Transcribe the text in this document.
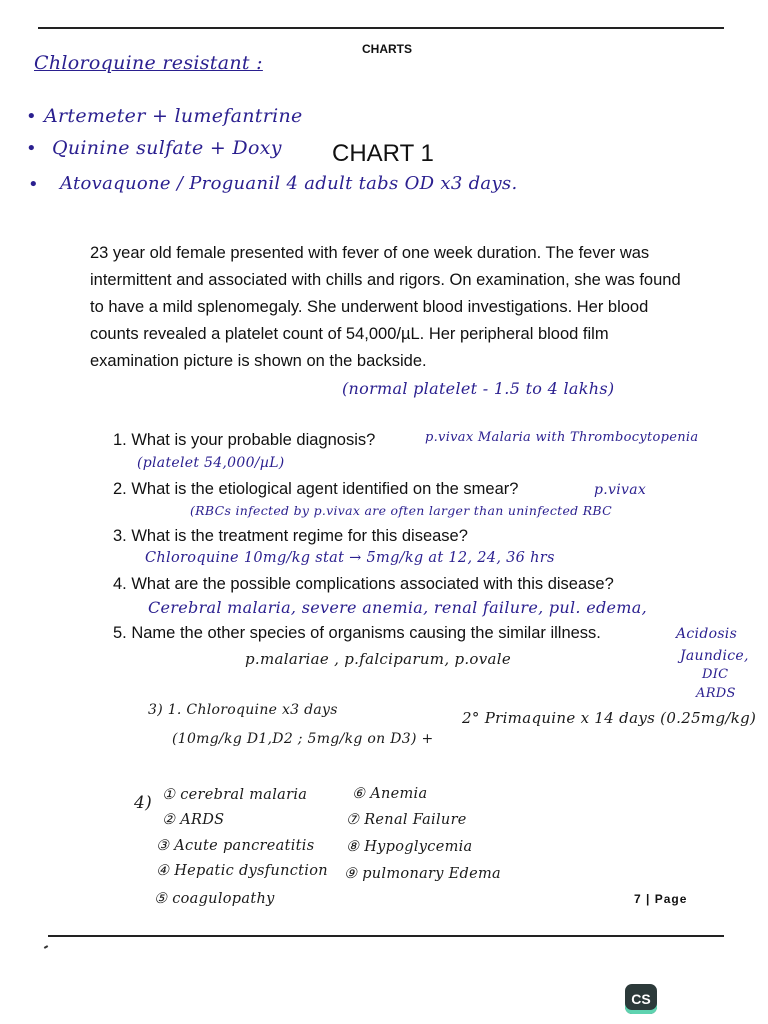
CHARTS
Chloroquine resistant :
• Artemeter + lumefantrine
• Quinine sulfate + Doxy
• Atovaquone / Proguanil 4 adult tabs OD x3 days.
CHART 1
23 year old female presented with fever of one week duration. The fever was intermittent and associated with chills and rigors. On examination, she was found to have a mild splenomegaly. She underwent blood investigations. Her blood counts revealed a platelet count of 54,000/µL. Her peripheral blood film examination picture is shown on the backside.
(normal platelet - 1.5 to 4 lakhs)
1. What is your probable diagnosis?	p.vivax Malaria with Thrombocytopenia
(platelet 54,000/µL)
2. What is the etiological agent identified on the smear?	p.vivax
(RBCs infected by p.vivax are often larger than uninfected RBC
3. What is the treatment regime for this disease?
Chloroquine 10mg/kg stat → 5mg/kg at 12, 24, 36 hrs
4. What are the possible complications associated with this disease?
Cerebral malaria, severe anemia, renal failure, pul. edema,
5. Name the other species of organisms causing the similar illness.	Acidosis
Jaundice,
DIC
ARDS
p.malariae , p.falciparum, p.ovale
3) 1. Chloroquine x3 days
(10mg/kg D1,D2 ; 5mg/kg on D3) +
2° Primaquine x 14 days (0.25mg/kg)
4) ① cerebral malaria
② ARDS
③ Acute pancreatitis
④ Hepatic dysfunction
⑤ coagulopathy
⑥ Anemia
⑦ Renal Failure
⑧ Hypoglycemia
⑨ pulmonary Edema
7 | Page
CS
